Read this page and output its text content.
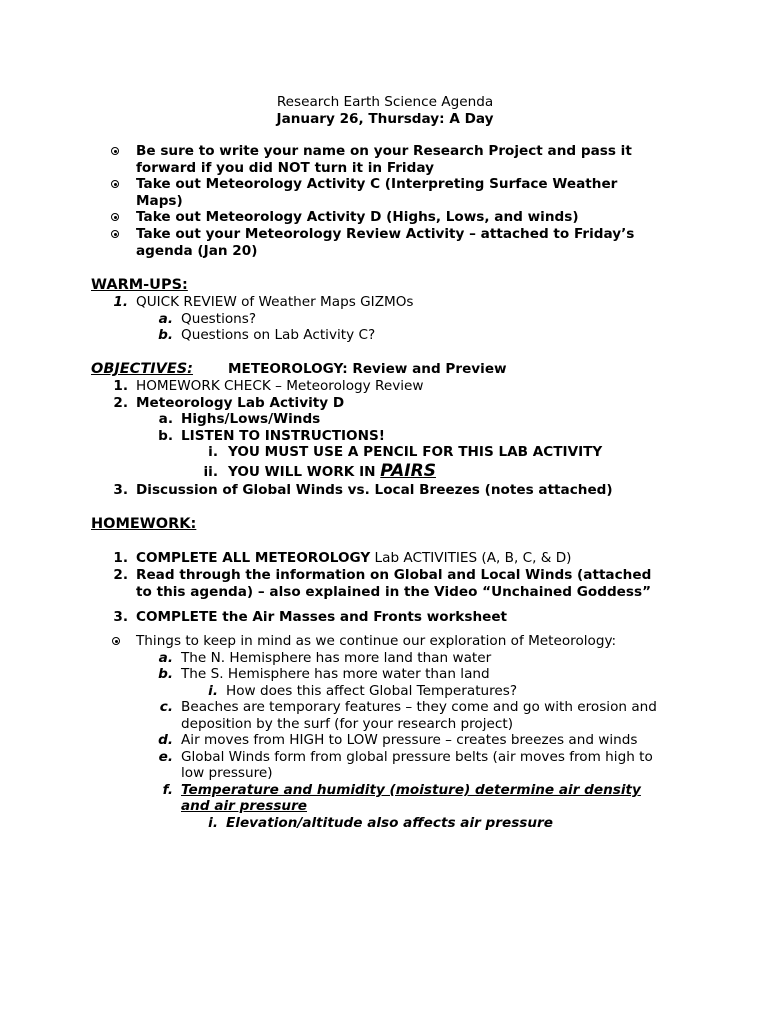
Research Earth Science Agenda
January 26, Thursday: A Day
Be sure to write your name on your Research Project and pass it
forward if you did NOT turn it in Friday
Take out Meteorology Activity C (Interpreting Surface Weather
Maps)
Take out Meteorology Activity D (Highs, Lows, and winds)
Take out your Meteorology Review Activity – attached to Friday’s
agenda (Jan 20)
WARM-UPS:
1. QUICK REVIEW of Weather Maps GIZMOs
a. Questions?
b. Questions on Lab Activity C?
OBJECTIVES:	METEOROLOGY: Review and Preview
1. HOMEWORK CHECK – Meteorology Review
2. Meteorology Lab Activity D
a. Highs/Lows/Winds
b. LISTEN TO INSTRUCTIONS!
i. YOU MUST USE A PENCIL FOR THIS LAB ACTIVITY
ii. YOU WILL WORK IN PAIRS
3. Discussion of Global Winds vs. Local Breezes (notes attached)
HOMEWORK:
1. COMPLETE ALL METEOROLOGY Lab ACTIVITIES (A, B, C, & D)
2. Read through the information on Global and Local Winds (attached
to this agenda) – also explained in the Video “Unchained Goddess”
3. COMPLETE the Air Masses and Fronts worksheet
Things to keep in mind as we continue our exploration of Meteorology:
a. The N. Hemisphere has more land than water
b. The S. Hemisphere has more water than land
i. How does this affect Global Temperatures?
c. Beaches are temporary features – they come and go with erosion and
deposition by the surf (for your research project)
d. Air moves from HIGH to LOW pressure – creates breezes and winds
e. Global Winds form from global pressure belts (air moves from high to
low pressure)
f. Temperature and humidity (moisture) determine air density
and air pressure
i. Elevation/altitude also affects air pressure
